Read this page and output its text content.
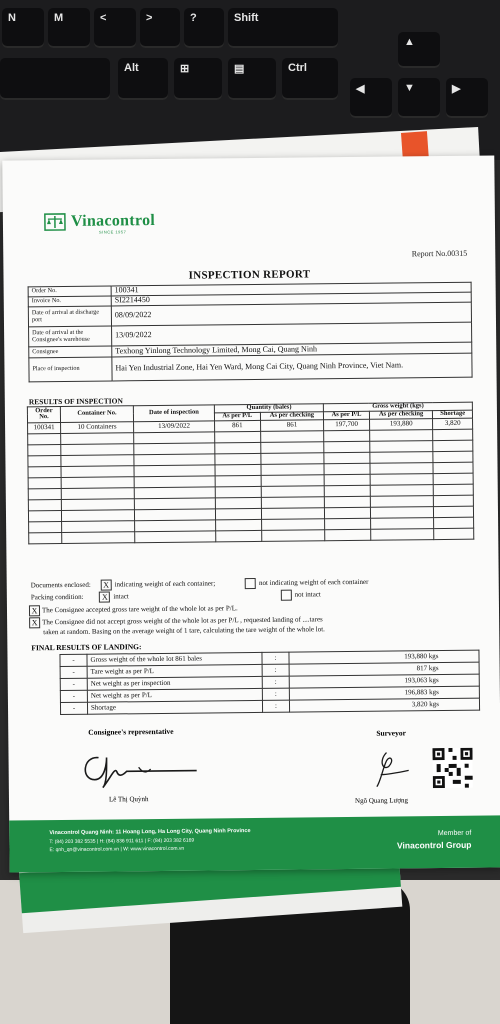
N	M	<	>	?	Shift
Alt	⊞	▤	Ctrl
▲
◀	▼	▶
Vinacontrol
SINCE 1957
Report No.00315
INSPECTION REPORT
Order No.	100341
Invoice No.	SI2214450
Date of arrival at discharge port	08/09/2022
Date of arrival at the Consignee's warehouse	13/09/2022
Consignee	Texhong Yinlong Technology Limited, Mong Cai, Quang Ninh
Place of inspection	Hai Yen Industrial Zone, Hai Yen Ward, Mong Cai City, Quang Ninh Province, Viet Nam.
RESULTS OF INSPECTION
Order No.	Container No.	Date of inspection	Quantity (bales)		Gross weight (kgs)		
			As per P/L	As per checking	As per P/L	As per checking	Shortage
100341	10 Containers	13/09/2022	861	861	197,700	193,880	3,820

Documents enclosed: X indicating weight of each container;	not indicating weight of each container
Packing condition: X intact	not intact
X The Consignee accepted gross tare weight of the whole lot as per P/L.
X The Consignee did not accept gross weight of the whole lot as per P/L , requested landing of ....tares
taken at random. Basing on the average weight of 1 tare, calculating the tare weight of the whole lot.
FINAL RESULTS OF LANDING:
-	Gross weight of the whole lot 861 bales	:	193,880 kgs
-	Tare weight as per P/L	:	817 kgs
-	Net weight as per inspection	:	193,063 kgs
-	Net weight as per P/L	:	196,883 kgs
-	Shortage	:	3,820 kgs
Consignee's representative	Surveyor
Lê Thị Quỳnh	Ngô Quang Lượng
Vinacontrol Quang Ninh: 11 Hoang Long, Ha Long City, Quang Ninh Province
T: (84) 203 382 5535 | H: (84) 836 911 611 | F: (84) 203 382 6169
E: qnh_qn@vinacontrol.com.vn | W: www.vinacontrol.com.vn
Member of
Vinacontrol Group
